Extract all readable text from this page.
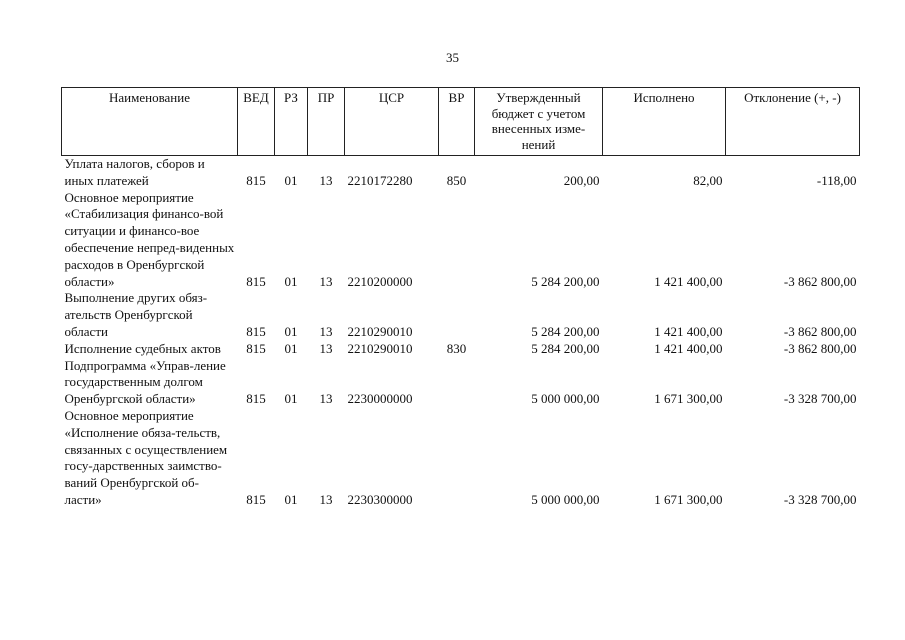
35
Наименование	ВЕД	РЗ	ПР	ЦСР	ВР	Утвержденный бюджет с учетом внесенных изме-нений	Исполнено	Отклонение (+, -)
Уплата налогов, сборов и иных платежей	815	01	13	2210172280	850	200,00	82,00	-118,00
Основное мероприятие «Стабилизация финансо-вой ситуации и финансо-вое обеспечение непред-виденных расходов в Оренбургской области»	815	01	13	2210200000		5 284 200,00	1 421 400,00	-3 862 800,00
Выполнение других обяз-ательств Оренбургской области	815	01	13	2210290010		5 284 200,00	1 421 400,00	-3 862 800,00
Исполнение судебных актов	815	01	13	2210290010	830	5 284 200,00	1 421 400,00	-3 862 800,00
Подпрограмма «Управ-ление государственным долгом Оренбургской области»	815	01	13	2230000000		5 000 000,00	1 671 300,00	-3 328 700,00
Основное мероприятие «Исполнение обяза-тельств, связанных с осуществлением госу-дарственных заимство-ваний Оренбургской об-ласти»	815	01	13	2230300000		5 000 000,00	1 671 300,00	-3 328 700,00
